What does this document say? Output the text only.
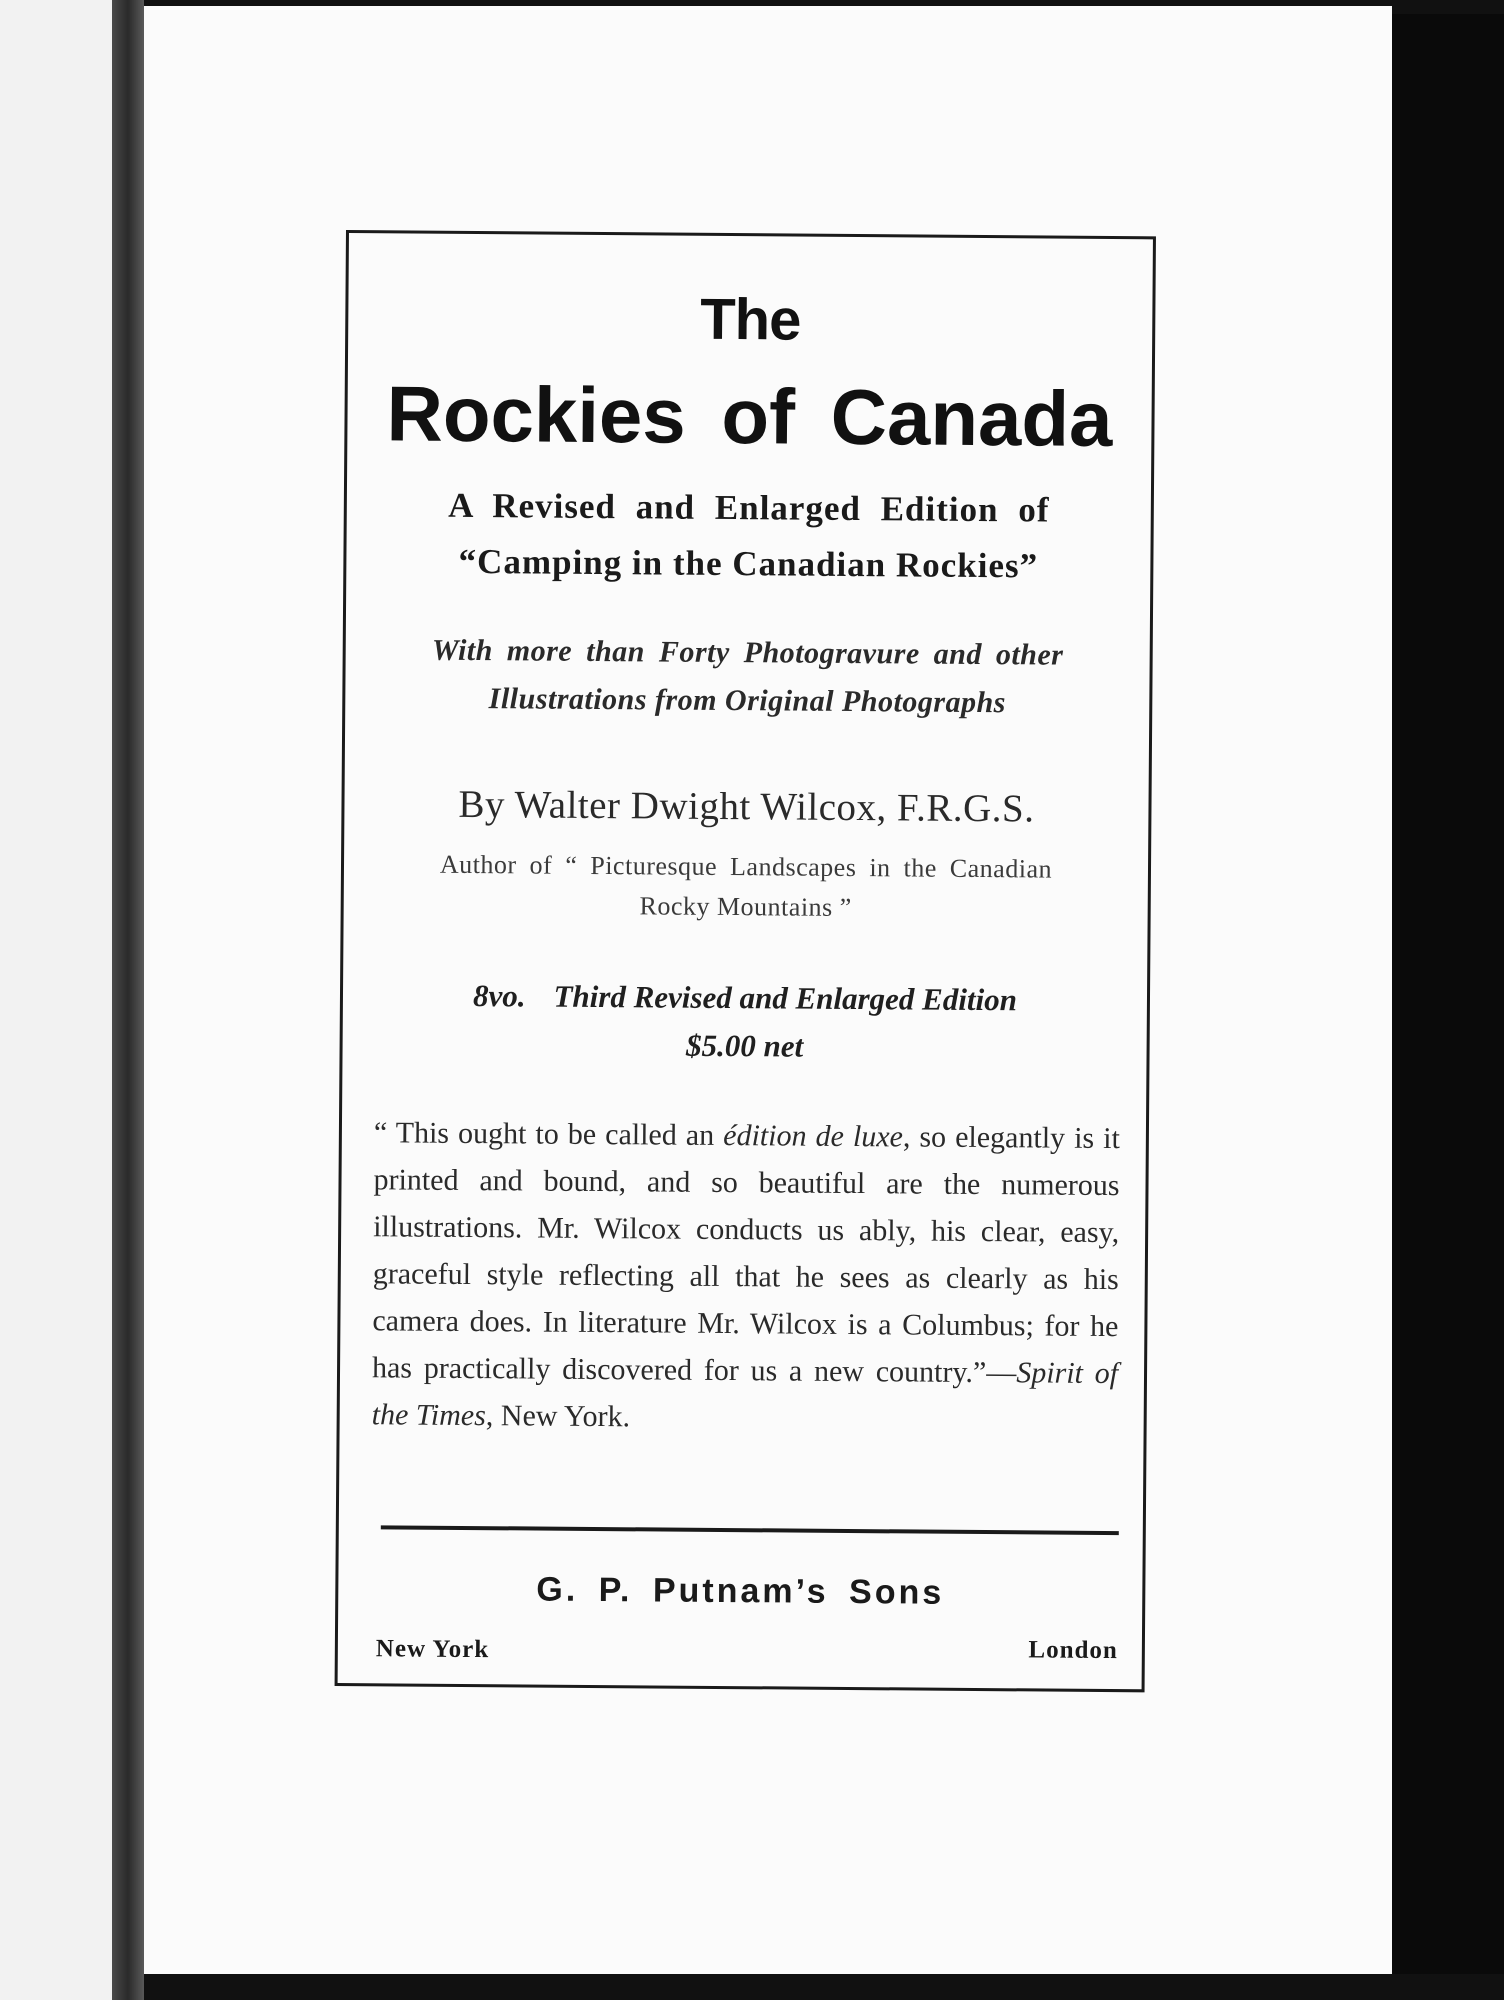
The
Rockies of Canada
A Revised and Enlarged Edition of
“Camping in the Canadian Rockies”
With more than Forty Photogravure and other
Illustrations from Original Photographs
By Walter Dwight Wilcox, F.R.G.S.
Author of “ Picturesque Landscapes in the Canadian
Rocky Mountains ”
8vo. Third Revised and Enlarged Edition
$5.00 net
“ This ought to be called an édition de luxe, so elegantly is it printed and bound, and so beautiful are the numerous illustrations. Mr. Wilcox conducts us ably, his clear, easy, graceful style reflecting all that he sees as clearly as his camera does. In literature Mr. Wilcox is a Columbus; for he has practically discovered for us a new country.”—Spirit of the Times, New York.
G. P. Putnam’s Sons
New York	London
